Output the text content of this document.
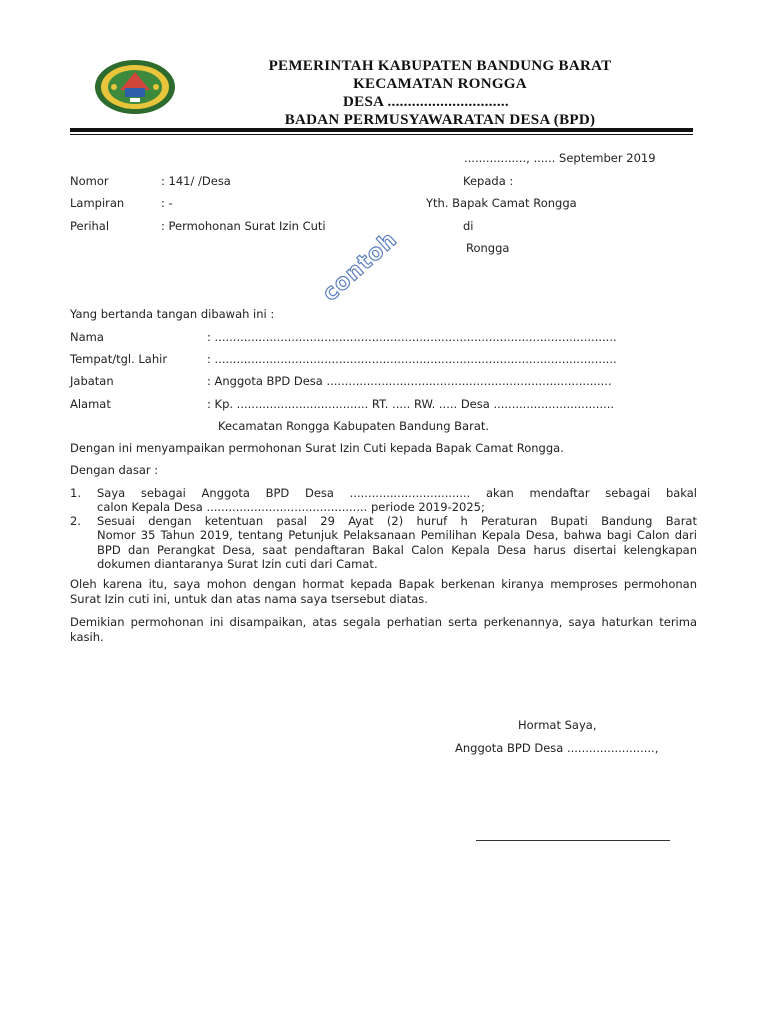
PEMERINTAH KABUPATEN BANDUNG BARAT
KECAMATAN RONGGA
DESA ..............................
BADAN PERMUSYAWARATAN DESA (BPD)
................., ...... September 2019
Nomor	: 141/ /Desa
Lampiran	: -
Perihal	: Permohonan Surat Izin Cuti
Kepada :
Yth. Bapak Camat Rongga
di
Rongga
contoh
Yang bertanda tangan dibawah ini :
Nama	: ..............................................................................................................
Tempat/tgl. Lahir	: ..............................................................................................................
Jabatan	: Anggota BPD Desa ..............................................................................
Alamat	: Kp. .................................... RT. ..... RW. ..... Desa .................................
Kecamatan Rongga Kabupaten Bandung Barat.
Dengan ini menyampaikan permohonan Surat Izin Cuti kepada Bapak Camat Rongga.
Dengan dasar :
1. Saya sebagai Anggota BPD Desa ................................. akan mendaftar sebagai bakal
calon Kepala Desa ............................................ periode 2019-2025;
2. Sesuai dengan ketentuan pasal 29 Ayat (2) huruf h Peraturan Bupati Bandung Barat
Nomor 35 Tahun 2019, tentang Petunjuk Pelaksanaan Pemilihan Kepala Desa, bahwa bagi Calon dari BPD dan Perangkat Desa, saat pendaftaran Bakal Calon Kepala Desa harus disertai kelengkapan dokumen diantaranya Surat Izin cuti dari Camat.
Oleh karena itu, saya mohon dengan hormat kepada Bapak berkenan kiranya memproses permohonan Surat Izin cuti ini, untuk dan atas nama saya tsersebut diatas.
Demikian permohonan ini disampaikan, atas segala perhatian serta perkenannya, saya haturkan terima kasih.
Hormat Saya,
Anggota BPD Desa ........................,
